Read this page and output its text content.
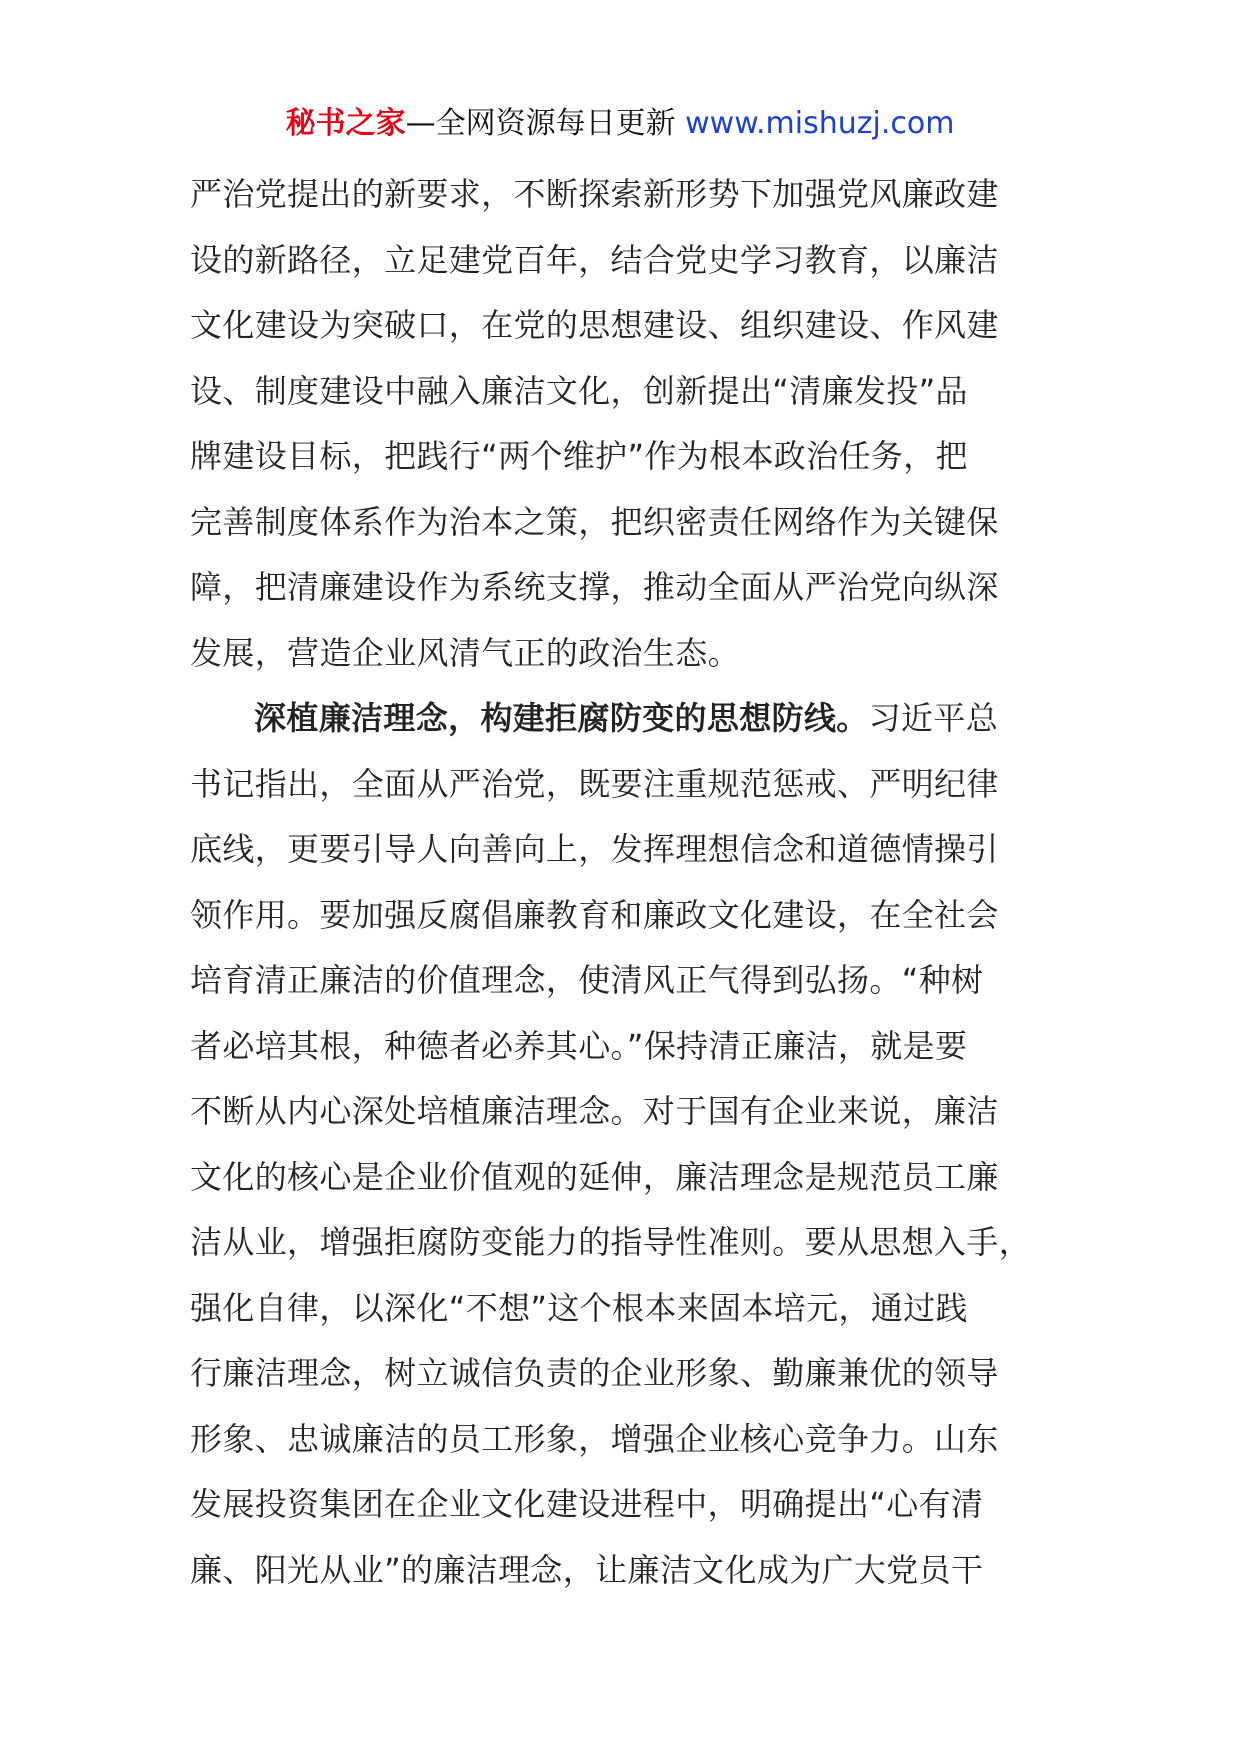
秘书之家—全网资源每日更新 www.mishuzj.com
严治党提出的新要求，不断探索新形势下加强党风廉政建
设的新路径，立足建党百年，结合党史学习教育，以廉洁
文化建设为突破口，在党的思想建设、组织建设、作风建
设、制度建设中融入廉洁文化，创新提出“清廉发投”品
牌建设目标，把践行“两个维护”作为根本政治任务，把
完善制度体系作为治本之策，把织密责任网络作为关键保
障，把清廉建设作为系统支撑，推动全面从严治党向纵深
发展，营造企业风清气正的政治生态。
深植廉洁理念，构建拒腐防变的思想防线。习近平总
书记指出，全面从严治党，既要注重规范惩戒、严明纪律
底线，更要引导人向善向上，发挥理想信念和道德情操引
领作用。要加强反腐倡廉教育和廉政文化建设，在全社会
培育清正廉洁的价值理念，使清风正气得到弘扬。“种树
者必培其根，种德者必养其心。”保持清正廉洁，就是要
不断从内心深处培植廉洁理念。对于国有企业来说，廉洁
文化的核心是企业价值观的延伸，廉洁理念是规范员工廉
洁从业，增强拒腐防变能力的指导性准则。要从思想入手，
强化自律，以深化“不想”这个根本来固本培元，通过践
行廉洁理念，树立诚信负责的企业形象、勤廉兼优的领导
形象、忠诚廉洁的员工形象，增强企业核心竞争力。山东
发展投资集团在企业文化建设进程中，明确提出“心有清
廉、阳光从业”的廉洁理念，让廉洁文化成为广大党员干
